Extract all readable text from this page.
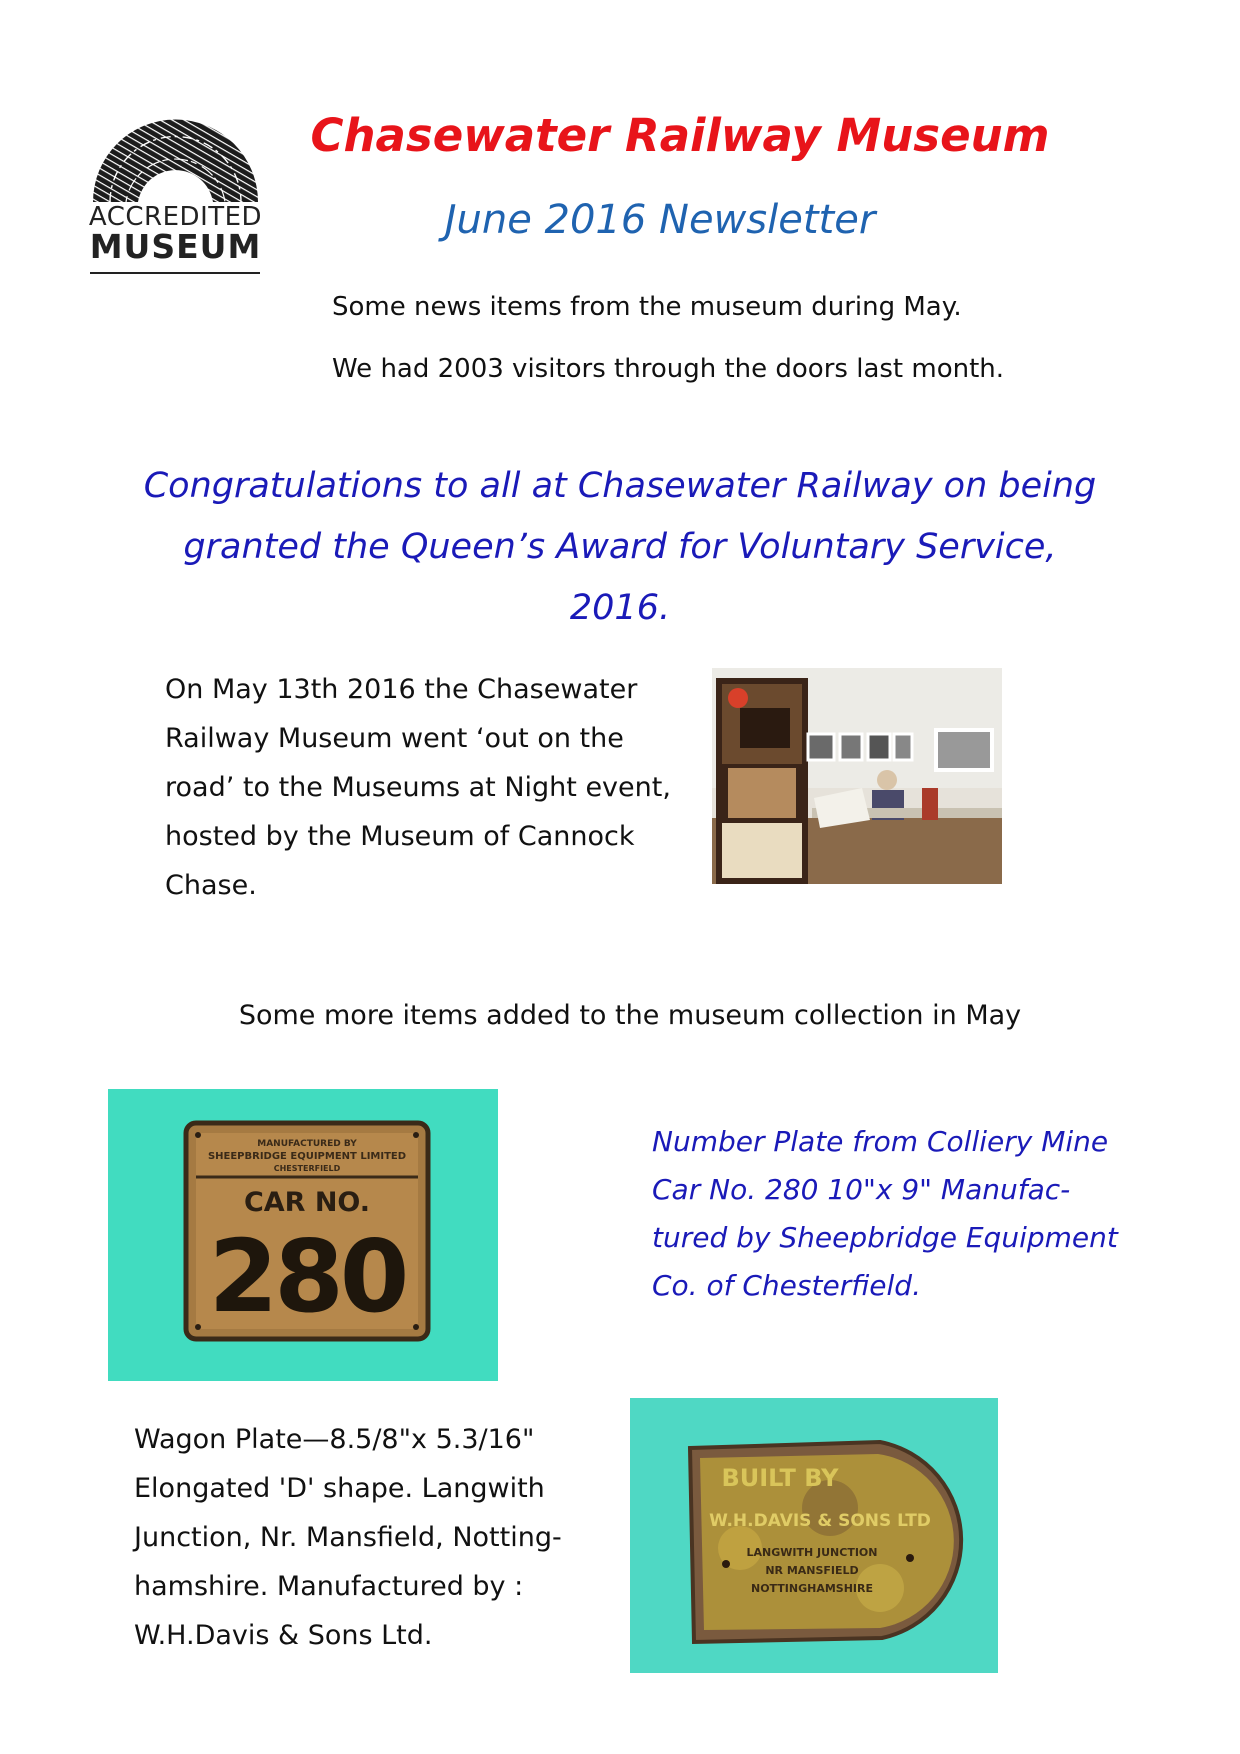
ACCREDITED
MUSEUM
Chasewater Railway Museum
June 2016 Newsletter
Some news items from the museum during May.
We had 2003 visitors through the doors last month.
Congratulations to all at Chasewater Railway on being
granted the Queen’s Award for Voluntary Service,
2016.
On May 13th 2016 the Chasewater
Railway Museum went ‘out on the
road’ to the Museums at Night event,
hosted by the Museum of Cannock
Chase.
Some more items added to the museum collection in May
MANUFACTURED BY
SHEEPBRIDGE EQUIPMENT LIMITED
CHESTERFIELD
CAR NO.
280
Number Plate from Colliery Mine
Car No. 280 10"x 9" Manufac-
tured by Sheepbridge Equipment
Co. of Chesterfield.
Wagon Plate—8.5/8"x 5.3/16"
Elongated 'D' shape. Langwith
Junction, Nr. Mansfield, Notting-
hamshire. Manufactured by :
W.H.Davis & Sons Ltd.
BUILT BY
W.H.DAVIS & SONS LTD
LANGWITH JUNCTION
NR MANSFIELD
NOTTINGHAMSHIRE
